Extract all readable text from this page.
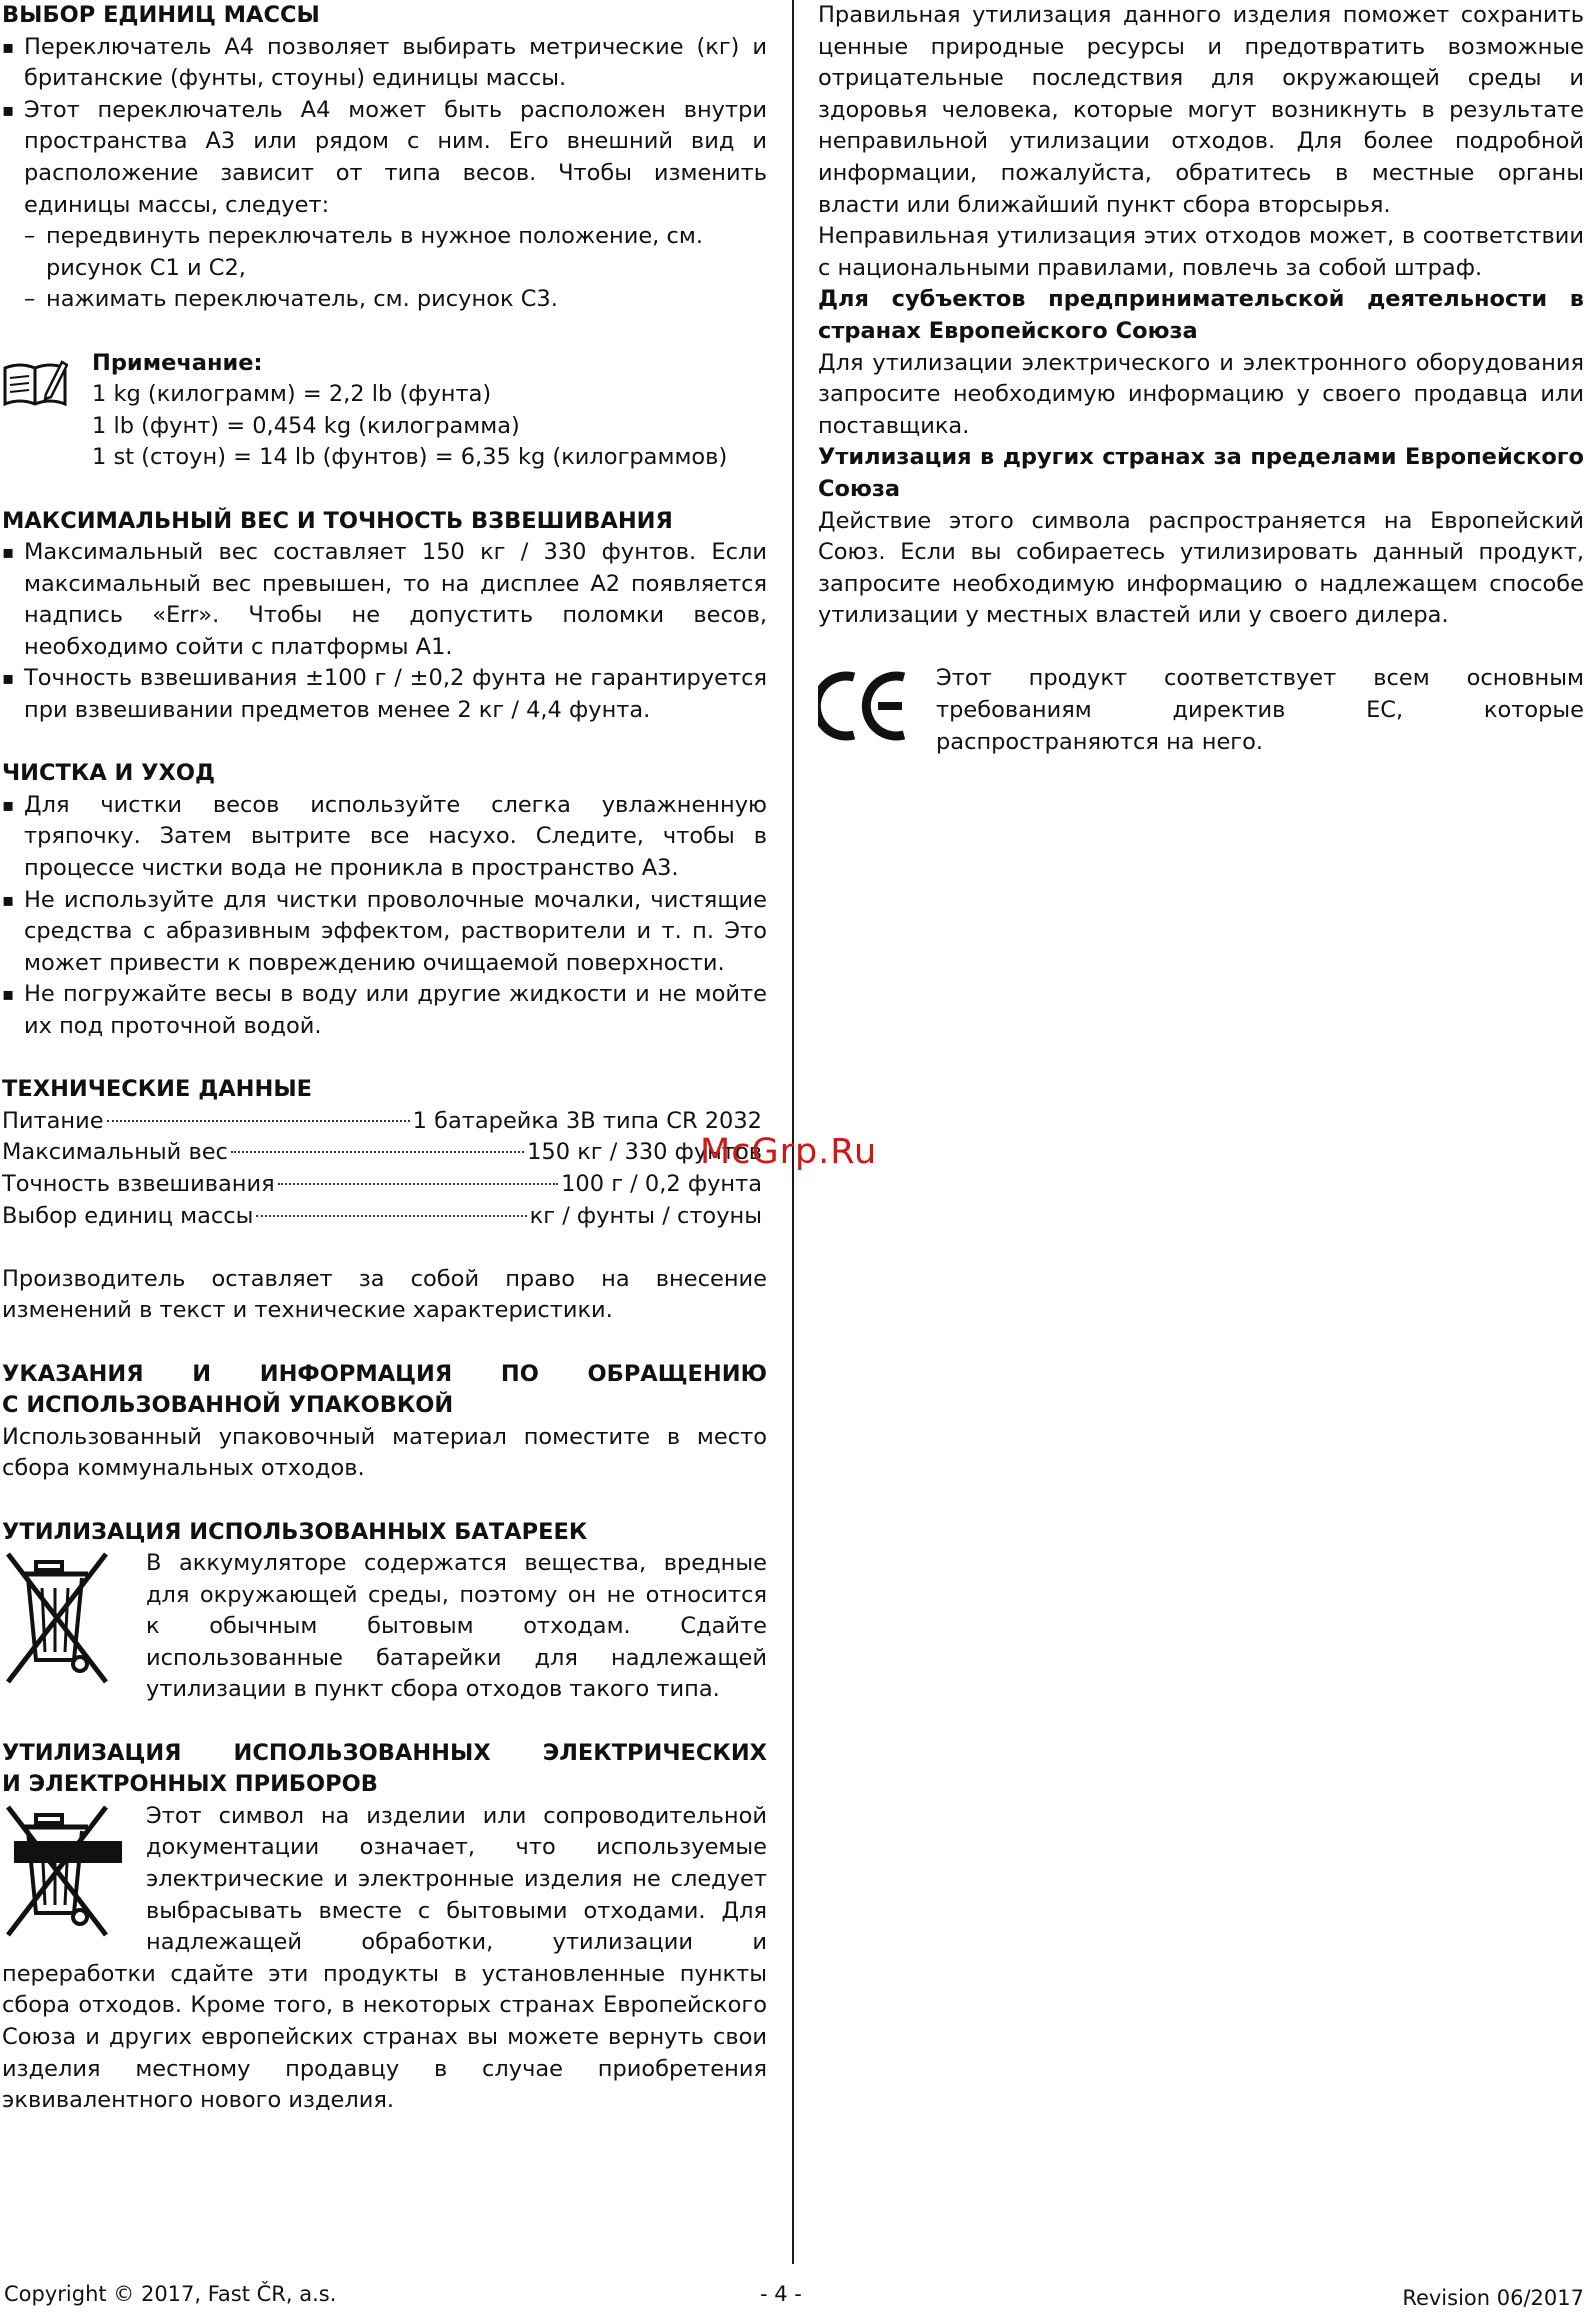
ВЫБОР ЕДИНИЦ МАССЫ
▪ Переключатель A4 позволяет выбирать метрические (кг) и британские (фунты, стоуны) единицы массы.
▪ Этот переключатель A4 может быть расположен внутри пространства A3 или рядом с ним. Его внешний вид и расположение зависит от типа весов. Чтобы изменить единицы массы, следует:
– передвинуть переключатель в нужное положение, см. рисунок C1 и C2,
– нажимать переключатель, см. рисунок C3.
Примечание:
1 kg (килограмм) = 2,2 lb (фунта)
1 lb (фунт) = 0,454 kg (килограмма)
1 st (стоун) = 14 lb (фунтов) = 6,35 kg (килограммов)
МАКСИМАЛЬНЫЙ ВЕС И ТОЧНОСТЬ ВЗВЕШИВАНИЯ
▪ Максимальный вес составляет 150 кг / 330 фунтов. Если максимальный вес превышен, то на дисплее A2 появляется надпись «Err». Чтобы не допустить поломки весов, необходимо сойти с платформы A1.
▪ Точность взвешивания ±100 г / ±0,2 фунта не гарантируется при взвешивании предметов менее 2 кг / 4,4 фунта.
ЧИСТКА И УХОД
▪ Для чистки весов используйте слегка увлажненную тряпочку. Затем вытрите все насухо. Следите, чтобы в процессе чистки вода не проникла в пространство A3.
▪ Не используйте для чистки проволочные мочалки, чистящие средства с абразивным эффектом, растворители и т. п. Это может привести к повреждению очищаемой поверхности.
▪ Не погружайте весы в воду или другие жидкости и не мойте их под проточной водой.
ТЕХНИЧЕСКИЕ ДАННЫЕ
Питание	1 батарейка 3В типа CR 2032
Максимальный вес	150 кг / 330 фунтов
Точность взвешивания	100 г / 0,2 фунта
Выбор единиц массы	кг / фунты / стоуны

Производитель оставляет за собой право на внесение изменений в текст и технические характеристики.

УКАЗАНИЯ И ИНФОРМАЦИЯ ПО ОБРАЩЕНИЮ
С ИСПОЛЬЗОВАННОЙ УПАКОВКОЙ

Использованный упаковочный материал поместите в место сбора коммунальных отходов.

УТИЛИЗАЦИЯ ИСПОЛЬЗОВАННЫХ БАТАРЕЕК

В аккумуляторе содержатся вещества, вредные для окружающей среды, поэтому он не относится к обычным бытовым отходам. Сдайте использованные батарейки для надлежащей утилизации в пункт сбора отходов такого типа.

УТИЛИЗАЦИЯ ИСПОЛЬЗОВАННЫХ ЭЛЕКТРИЧЕСКИХ
И ЭЛЕКТРОННЫХ ПРИБОРОВ

Этот символ на изделии или сопроводительной документации означает, что используемые электрические и электронные изделия не следует выбрасывать вместе с бытовыми отходами. Для надлежащей обработки, утилизации и переработки сдайте эти продукты в установленные пункты сбора отходов. Кроме того, в некоторых странах Европейского Союза и других европейских странах вы можете вернуть свои изделия местному продавцу в случае приобретения эквивалентного нового изделия.

Правильная утилизация данного изделия поможет сохранить ценные природные ресурсы и предотвратить возможные отрицательные последствия для окружающей среды и здоровья человека, которые могут возникнуть в результате неправильной утилизации отходов. Для более подробной информации, пожалуйста, обратитесь в местные органы власти или ближайший пункт сбора вторсырья.

Неправильная утилизация этих отходов может, в соответствии с национальными правилами, повлечь за собой штраф.

Для субъектов предпринимательской деятельности в странах Европейского Союза

Для утилизации электрического и электронного оборудования запросите необходимую информацию у своего продавца или поставщика.

Утилизация в других странах за пределами Европейского Союза

Действие этого символа распространяется на Европейский Союз. Если вы собираетесь утилизировать данный продукт, запросите необходимую информацию о надлежащем способе утилизации у местных властей или у своего дилера.

Этот продукт соответствует всем основным требованиям директив ЕС, которые распространяются на него.

McGrp.Ru
Copyright © 2017, Fast ČR, a.s.	- 4 -	Revision 06/2017
